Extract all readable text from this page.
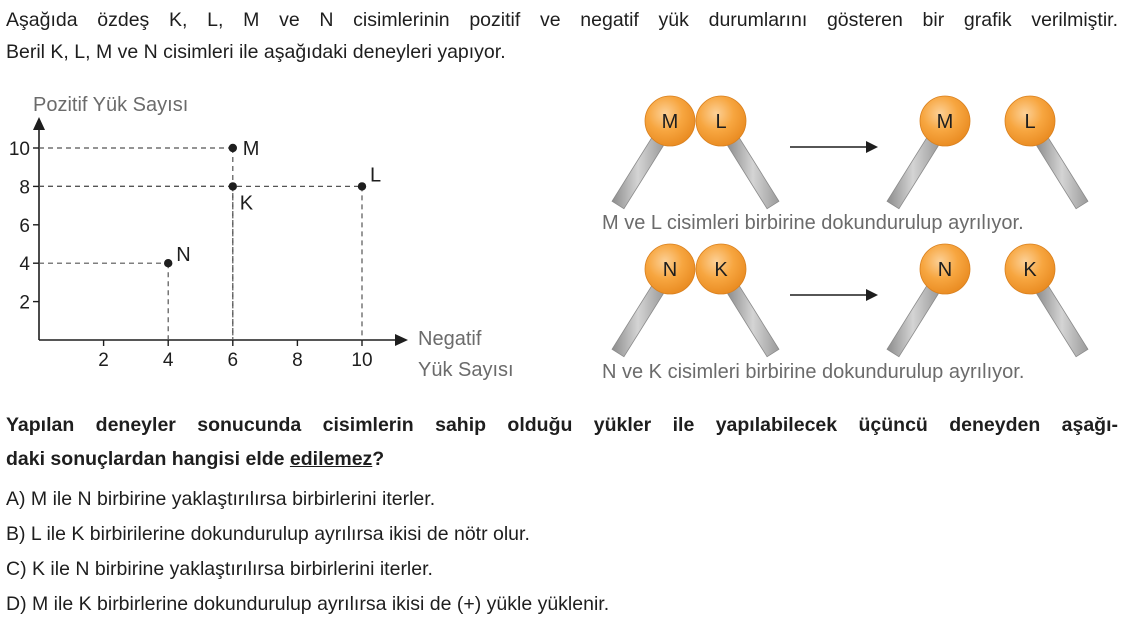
Aşağıda özdeş K, L, M ve N cisimlerinin pozitif ve negatif yük durumlarını gösteren bir grafik verilmiştir.
Beril K, L, M ve N cisimleri ile aşağıdaki deneyleri yapıyor.
Pozitif Yük Sayısı
2	4	6	8	10
2
4
6
8
10	M
K
L
N
Negatif
Yük Sayısı
M L	M	L
N K	N	K
M ve L cisimleri birbirine dokundurulup ayrılıyor.
N ve K cisimleri birbirine dokundurulup ayrılıyor.
Yapılan deneyler sonucunda cisimlerin sahip olduğu yükler ile yapılabilecek üçüncü deneyden aşağı-
daki sonuçlardan hangisi elde edilemez?
A) M ile N birbirine yaklaştırılırsa birbirlerini iterler.
B) L ile K birbirilerine dokundurulup ayrılırsa ikisi de nötr olur.
C) K ile N birbirine yaklaştırılırsa birbirlerini iterler.
D) M ile K birbirlerine dokundurulup ayrılırsa ikisi de (+) yükle yüklenir.
